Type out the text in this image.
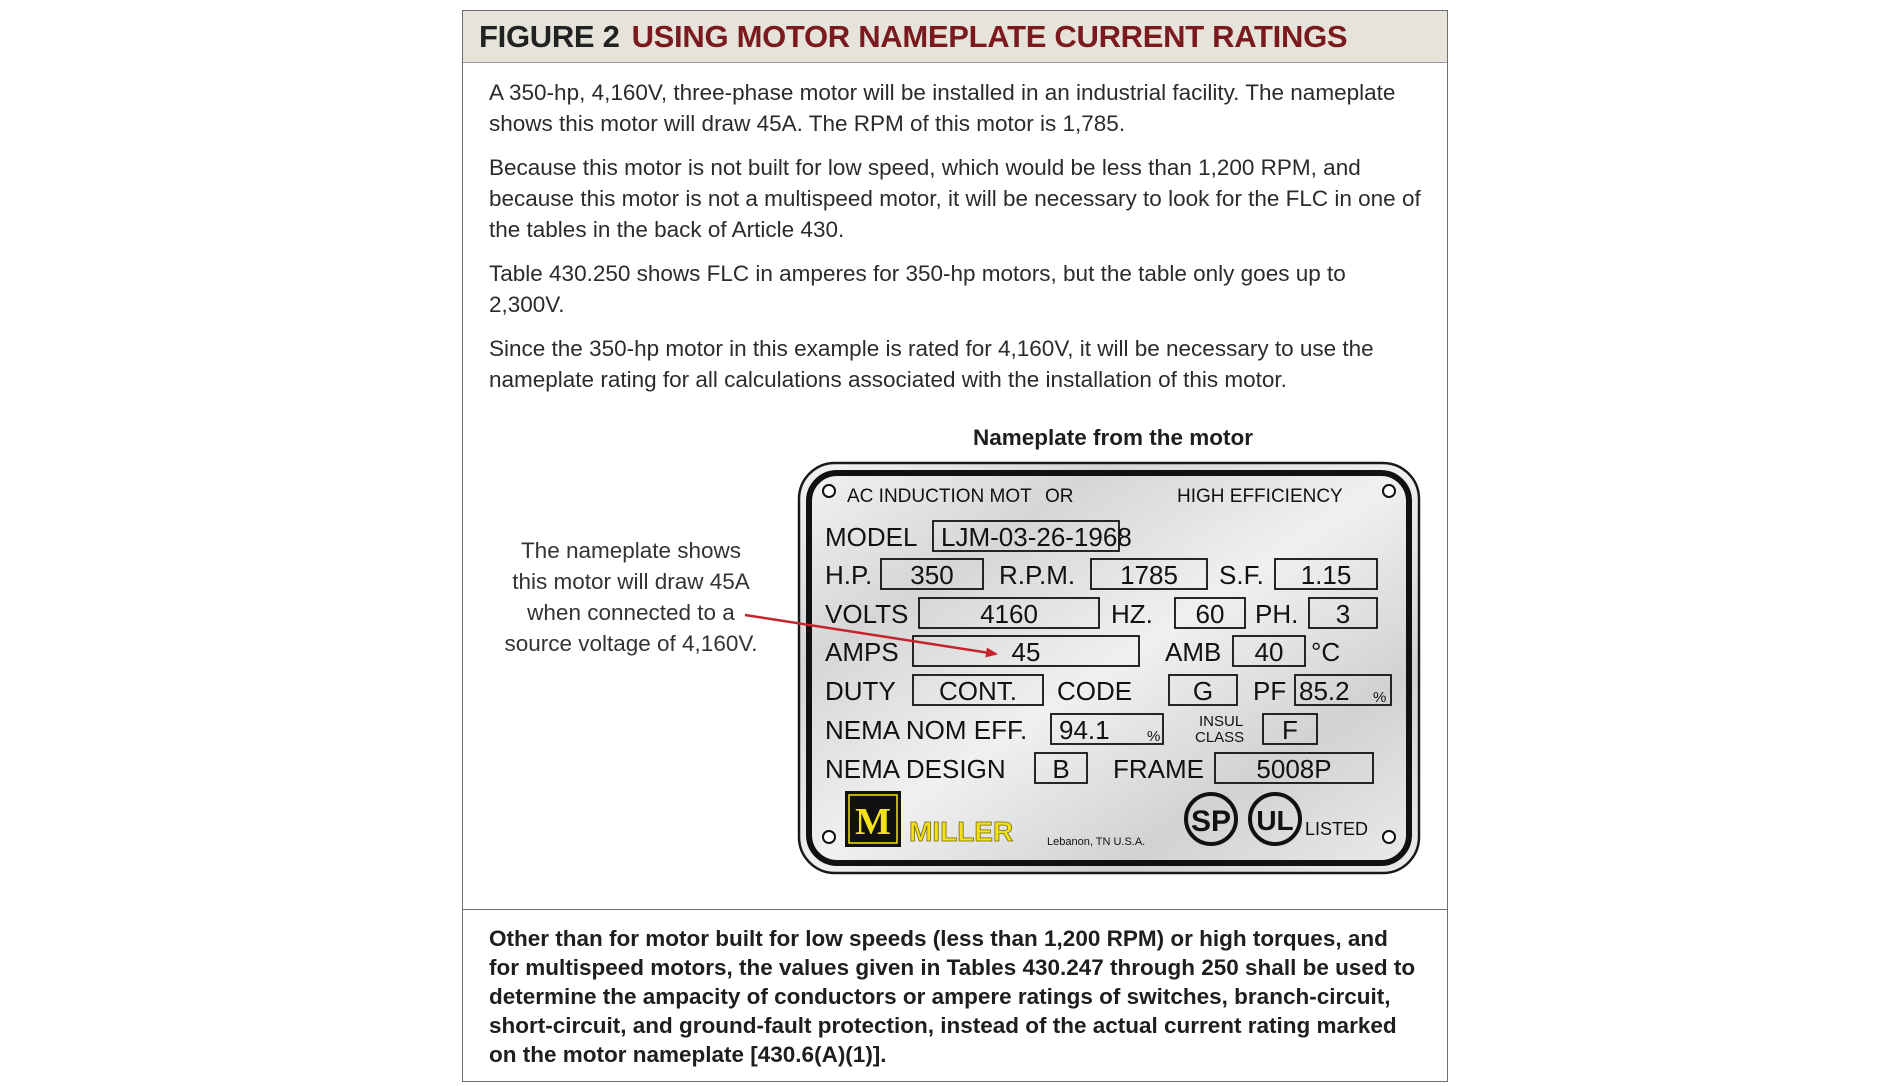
FIGURE 2 USING MOTOR NAMEPLATE CURRENT RATINGS

A 350-hp, 4,160V, three-phase motor will be installed in an industrial facility. The nameplate shows this motor will draw 45A. The RPM of this motor is 1,785.

Because this motor is not built for low speed, which would be less than 1,200 RPM, and because this motor is not a multispeed motor, it will be necessary to look for the FLC in one of the tables in the back of Article 430.

Table 430.250 shows FLC in amperes for 350-hp motors, but the table only goes up to 2,300V.

Since the 350-hp motor in this example is rated for 4,160V, it will be necessary to use the nameplate rating for all calculations associated with the installation of this motor.

Nameplate from the motor
The nameplate shows
this motor will draw 45A
when connected to a
source voltage of 4,160V.
AC INDUCTION MOT OR	HIGH EFFICIENCY
MODEL LJM-03-26-1968
H.P. 350 R.P.M. 1785 S.F. 1.15
VOLTS	4160	HZ. 60 PH. 3
AMPS	45	AMB 40 °C
DUTY CONT. CODE G PF 85.2 %
NEMA NOM EFF. 94.1 %
INSUL
CLASS F
NEMA DESIGN B FRAME 5008P
M MILLER	Lebanon, TN U.S.A.
SP UL LISTED
Other than for motor built for low speeds (less than 1,200 RPM) or high torques, and
for multispeed motors, the values given in Tables 430.247 through 250 shall be used to
determine the ampacity of conductors or ampere ratings of switches, branch-circuit,
short-circuit, and ground-fault protection, instead of the actual current rating marked
on the motor nameplate [430.6(A)(1)].
